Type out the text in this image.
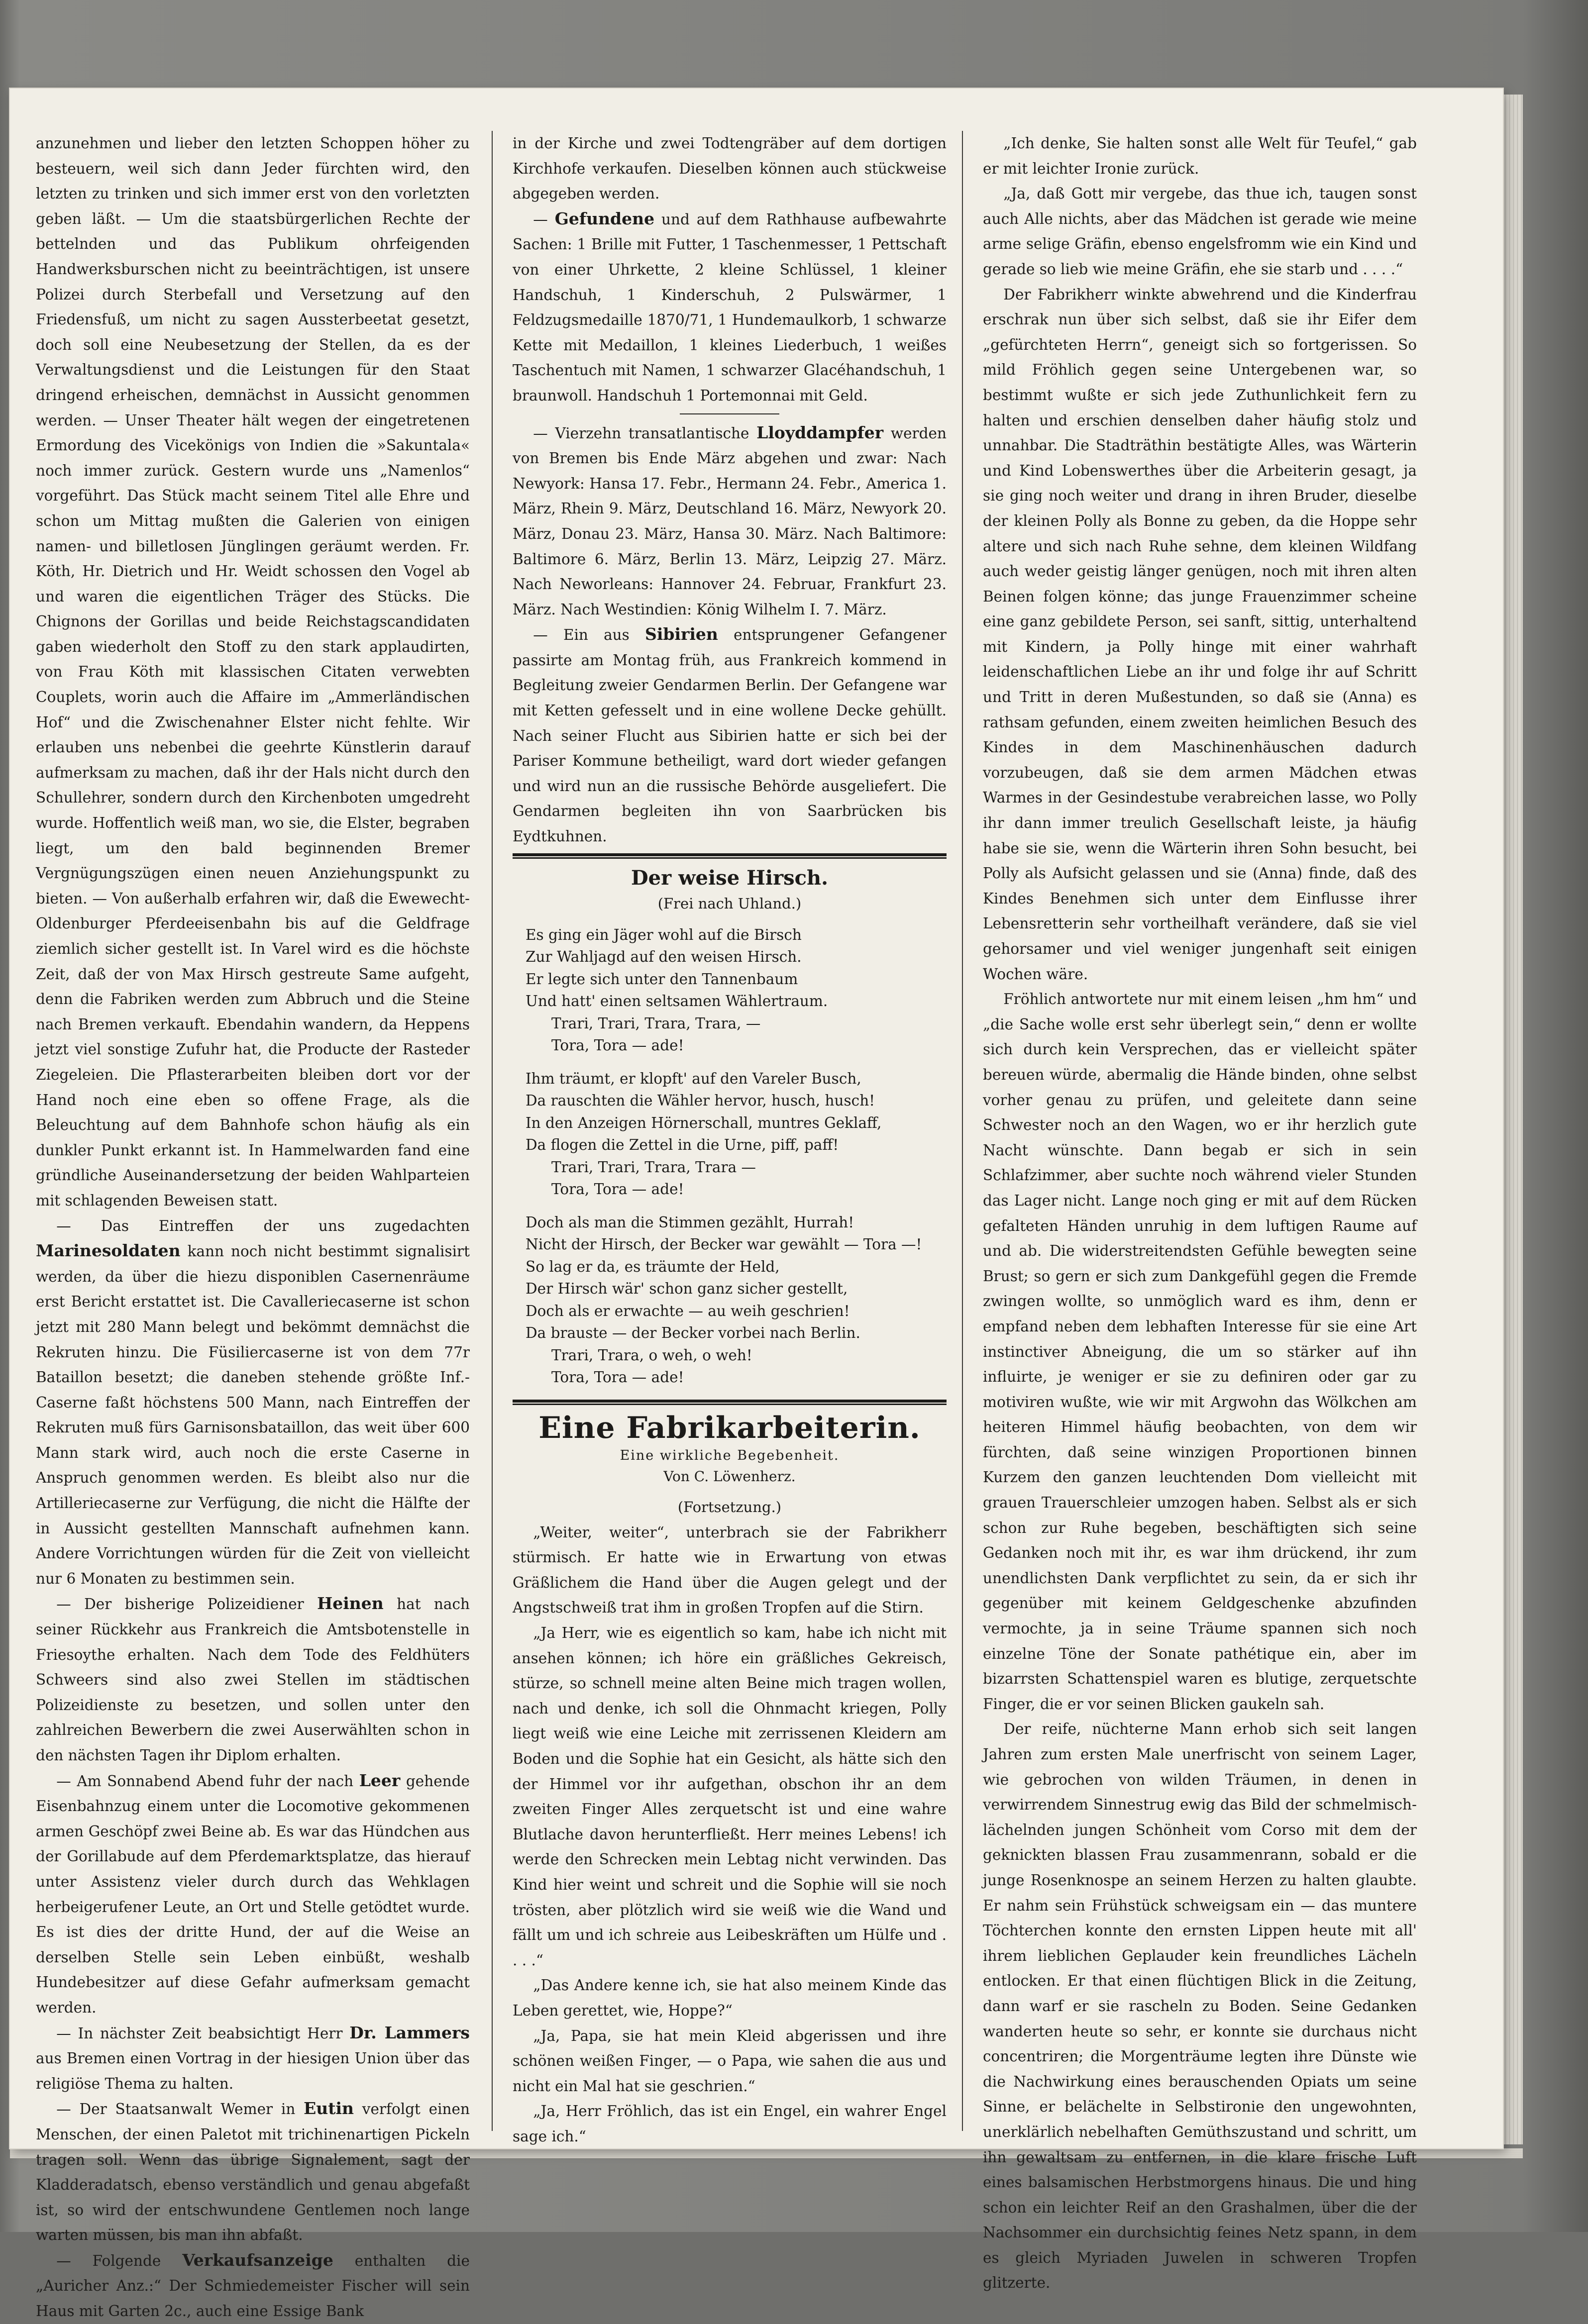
anzunehmen und lieber den letzten Schoppen höher zu besteuern, weil sich dann Jeder fürchten wird, den letzten zu trinken und sich immer erst von den vorletzten geben läßt. — Um die staatsbürgerlichen Rechte der bettelnden und das Publikum ohrfeigenden Handwerksburschen nicht zu beeinträchtigen, ist unsere Polizei durch Sterbefall und Versetzung auf den Friedensfuß, um nicht zu sagen Aussterbeetat gesetzt, doch soll eine Neubesetzung der Stellen, da es der Verwaltungsdienst und die Leistungen für den Staat dringend erheischen, demnächst in Aussicht genommen werden. — Unser Theater hält wegen der eingetretenen Ermordung des Vicekönigs von Indien die »Sakuntala« noch immer zurück. Gestern wurde uns „Namenlos“ vorgeführt. Das Stück macht seinem Titel alle Ehre und schon um Mittag mußten die Galerien von einigen namen- und billetlosen Jünglingen geräumt werden. Fr. Köth, Hr. Dietrich und Hr. Weidt schossen den Vogel ab und waren die eigentlichen Träger des Stücks. Die Chignons der Gorillas und beide Reichstagscandidaten gaben wiederholt den Stoff zu den stark applaudirten, von Frau Köth mit klassischen Citaten verwebten Couplets, worin auch die Affaire im „Ammerländischen Hof“ und die Zwischenahner Elster nicht fehlte. Wir erlauben uns nebenbei die geehrte Künstlerin darauf aufmerksam zu machen, daß ihr der Hals nicht durch den Schullehrer, sondern durch den Kirchenboten umgedreht wurde. Hoffentlich weiß man, wo sie, die Elster, begraben liegt, um den bald beginnenden Bremer Vergnügungszügen einen neuen Anziehungspunkt zu bieten. — Von außerhalb erfahren wir, daß die Ewewecht-Oldenburger Pferdeeisenbahn bis auf die Geldfrage ziemlich sicher gestellt ist. In Varel wird es die höchste Zeit, daß der von Max Hirsch gestreute Same aufgeht, denn die Fabriken werden zum Abbruch und die Steine nach Bremen verkauft. Ebendahin wandern, da Heppens jetzt viel sonstige Zufuhr hat, die Producte der Rasteder Ziegeleien. Die Pflasterarbeiten bleiben dort vor der Hand noch eine eben so offene Frage, als die Beleuchtung auf dem Bahnhofe schon häufig als ein dunkler Punkt erkannt ist. In Hammelwarden fand eine gründliche Auseinandersetzung der beiden Wahlparteien mit schlagenden Beweisen statt.

— Das Eintreffen der uns zugedachten Marinesoldaten kann noch nicht bestimmt signalisirt werden, da über die hiezu disponiblen Casernenräume erst Bericht erstattet ist. Die Cavalleriecaserne ist schon jetzt mit 280 Mann belegt und bekömmt demnächst die Rekruten hinzu. Die Füsiliercaserne ist von dem 77r Bataillon besetzt; die daneben stehende größte Inf.-Caserne faßt höchstens 500 Mann, nach Eintreffen der Rekruten muß fürs Garnisonsbataillon, das weit über 600 Mann stark wird, auch noch die erste Caserne in Anspruch genommen werden. Es bleibt also nur die Artilleriecaserne zur Verfügung, die nicht die Hälfte der in Aussicht gestellten Mannschaft aufnehmen kann. Andere Vorrichtungen würden für die Zeit von vielleicht nur 6 Monaten zu bestimmen sein.

— Der bisherige Polizeidiener Heinen hat nach seiner Rückkehr aus Frankreich die Amtsbotenstelle in Friesoythe erhalten. Nach dem Tode des Feldhüters Schweers sind also zwei Stellen im städtischen Polizeidienste zu besetzen, und sollen unter den zahlreichen Bewerbern die zwei Auserwählten schon in den nächsten Tagen ihr Diplom erhalten.

— Am Sonnabend Abend fuhr der nach Leer gehende Eisenbahnzug einem unter die Locomotive gekommenen armen Geschöpf zwei Beine ab. Es war das Hündchen aus der Gorillabude auf dem Pferdemarktsplatze, das hierauf unter Assistenz vieler durch durch das Wehklagen herbeigerufener Leute, an Ort und Stelle getödtet wurde. Es ist dies der dritte Hund, der auf die Weise an derselben Stelle sein Leben einbüßt, weshalb Hundebesitzer auf diese Gefahr aufmerksam gemacht werden.

— In nächster Zeit beabsichtigt Herr Dr. Lammers aus Bremen einen Vortrag in der hiesigen Union über das religiöse Thema zu halten.

— Der Staatsanwalt Wemer in Eutin verfolgt einen Menschen, der einen Paletot mit trichinenartigen Pickeln tragen soll. Wenn das übrige Signalement, sagt der Kladderadatsch, ebenso verständlich und genau abgefaßt ist, so wird der entschwundene Gentlemen noch lange warten müssen, bis man ihn abfaßt.

— Folgende Verkaufsanzeige enthalten die „Auricher Anz.:“ Der Schmiedemeister Fischer will sein Haus mit Garten 2c., auch eine Essige Bank

in der Kirche und zwei Todtengräber auf dem dortigen Kirchhofe verkaufen. Dieselben können auch stückweise abgegeben werden.

— Gefundene und auf dem Rathhause aufbewahrte Sachen: 1 Brille mit Futter, 1 Taschenmesser, 1 Pettschaft von einer Uhrkette, 2 kleine Schlüssel, 1 kleiner Handschuh, 1 Kinderschuh, 2 Pulswärmer, 1 Feldzugsmedaille 1870/71, 1 Hundemaulkorb, 1 schwarze Kette mit Medaillon, 1 kleines Liederbuch, 1 weißes Taschentuch mit Namen, 1 schwarzer Glacéhandschuh, 1 braunwoll. Handschuh 1 Portemonnai mit Geld.

— Vierzehn transatlantische Lloyddampfer werden von Bremen bis Ende März abgehen und zwar: Nach Newyork: Hansa 17. Febr., Hermann 24. Febr., America 1. März, Rhein 9. März, Deutschland 16. März, Newyork 20. März, Donau 23. März, Hansa 30. März. Nach Baltimore: Baltimore 6. März, Berlin 13. März, Leipzig 27. März. Nach Neworleans: Hannover 24. Februar, Frankfurt 23. März. Nach Westindien: König Wilhelm I. 7. März.

— Ein aus Sibirien entsprungener Gefangener passirte am Montag früh, aus Frankreich kommend in Begleitung zweier Gendarmen Berlin. Der Gefangene war mit Ketten gefesselt und in eine wollene Decke gehüllt. Nach seiner Flucht aus Sibirien hatte er sich bei der Pariser Kommune betheiligt, ward dort wieder gefangen und wird nun an die russische Behörde ausgeliefert. Die Gendarmen begleiten ihn von Saarbrücken bis Eydtkuhnen.

Der weise Hirsch.
(Frei nach Uhland.)
Es ging ein Jäger wohl auf die Birsch
Zur Wahljagd auf den weisen Hirsch.
Er legte sich unter den Tannenbaum
Und hatt' einen seltsamen Wählertraum.
Trari, Trari, Trara, Trara, —
Tora, Tora — ade!
Ihm träumt, er klopft' auf den Vareler Busch,
Da rauschten die Wähler hervor, husch, husch!
In den Anzeigen Hörnerschall, muntres Geklaff,
Da flogen die Zettel in die Urne, piff, paff!
Trari, Trari, Trara, Trara —
Tora, Tora — ade!
Doch als man die Stimmen gezählt, Hurrah!
Nicht der Hirsch, der Becker war gewählt — Tora —!
So lag er da, es träumte der Held,
Der Hirsch wär' schon ganz sicher gestellt,
Doch als er erwachte — au weih geschrien!
Da brauste — der Becker vorbei nach Berlin.
Trari, Trara, o weh, o weh!
Tora, Tora — ade!
Eine Fabrikarbeiterin.
Eine wirkliche Begebenheit.
Von C. Löwenherz.
(Fortsetzung.)

„Weiter, weiter“, unterbrach sie der Fabrikherr stürmisch. Er hatte wie in Erwartung von etwas Gräßlichem die Hand über die Augen gelegt und der Angstschweiß trat ihm in großen Tropfen auf die Stirn.

„Ja Herr, wie es eigentlich so kam, habe ich nicht mit ansehen können; ich höre ein gräßliches Gekreisch, stürze, so schnell meine alten Beine mich tragen wollen, nach und denke, ich soll die Ohnmacht kriegen, Polly liegt weiß wie eine Leiche mit zerrissenen Kleidern am Boden und die Sophie hat ein Gesicht, als hätte sich den der Himmel vor ihr aufgethan, obschon ihr an dem zweiten Finger Alles zerquetscht ist und eine wahre Blutlache davon herunterfließt. Herr meines Lebens! ich werde den Schrecken mein Lebtag nicht verwinden. Das Kind hier weint und schreit und die Sophie will sie noch trösten, aber plötzlich wird sie weiß wie die Wand und fällt um und ich schreie aus Leibeskräften um Hülfe und . . . .“

„Das Andere kenne ich, sie hat also meinem Kinde das Leben gerettet, wie, Hoppe?“

„Ja, Papa, sie hat mein Kleid abgerissen und ihre schönen weißen Finger, — o Papa, wie sahen die aus und nicht ein Mal hat sie geschrien.“

„Ja, Herr Fröhlich, das ist ein Engel, ein wahrer Engel sage ich.“

„Ich denke, Sie halten sonst alle Welt für Teufel,“ gab er mit leichter Ironie zurück.

„Ja, daß Gott mir vergebe, das thue ich, taugen sonst auch Alle nichts, aber das Mädchen ist gerade wie meine arme selige Gräfin, ebenso engelsfromm wie ein Kind und gerade so lieb wie meine Gräfin, ehe sie starb und . . . .“

Der Fabrikherr winkte abwehrend und die Kinderfrau erschrak nun über sich selbst, daß sie ihr Eifer dem „gefürchteten Herrn“, geneigt sich so fortgerissen. So mild Fröhlich gegen seine Untergebenen war, so bestimmt wußte er sich jede Zuthunlichkeit fern zu halten und erschien denselben daher häufig stolz und unnahbar. Die Stadträthin bestätigte Alles, was Wärterin und Kind Lobenswerthes über die Arbeiterin gesagt, ja sie ging noch weiter und drang in ihren Bruder, dieselbe der kleinen Polly als Bonne zu geben, da die Hoppe sehr altere und sich nach Ruhe sehne, dem kleinen Wildfang auch weder geistig länger genügen, noch mit ihren alten Beinen folgen könne; das junge Frauenzimmer scheine eine ganz gebildete Person, sei sanft, sittig, unterhaltend mit Kindern, ja Polly hinge mit einer wahrhaft leidenschaftlichen Liebe an ihr und folge ihr auf Schritt und Tritt in deren Mußestunden, so daß sie (Anna) es rathsam gefunden, einem zweiten heimlichen Besuch des Kindes in dem Maschinenhäuschen dadurch vorzubeugen, daß sie dem armen Mädchen etwas Warmes in der Gesindestube verabreichen lasse, wo Polly ihr dann immer treulich Gesellschaft leiste, ja häufig habe sie sie, wenn die Wärterin ihren Sohn besucht, bei Polly als Aufsicht gelassen und sie (Anna) finde, daß des Kindes Benehmen sich unter dem Einflusse ihrer Lebensretterin sehr vortheilhaft verändere, daß sie viel gehorsamer und viel weniger jungenhaft seit einigen Wochen wäre.

Fröhlich antwortete nur mit einem leisen „hm hm“ und „die Sache wolle erst sehr überlegt sein,“ denn er wollte sich durch kein Versprechen, das er vielleicht später bereuen würde, abermalig die Hände binden, ohne selbst vorher genau zu prüfen, und geleitete dann seine Schwester noch an den Wagen, wo er ihr herzlich gute Nacht wünschte. Dann begab er sich in sein Schlafzimmer, aber suchte noch während vieler Stunden das Lager nicht. Lange noch ging er mit auf dem Rücken gefalteten Händen unruhig in dem luftigen Raume auf und ab. Die widerstreitendsten Gefühle bewegten seine Brust; so gern er sich zum Dankgefühl gegen die Fremde zwingen wollte, so unmöglich ward es ihm, denn er empfand neben dem lebhaften Interesse für sie eine Art instinctiver Abneigung, die um so stärker auf ihn influirte, je weniger er sie zu definiren oder gar zu motiviren wußte, wie wir mit Argwohn das Wölkchen am heiteren Himmel häufig beobachten, von dem wir fürchten, daß seine winzigen Proportionen binnen Kurzem den ganzen leuchtenden Dom vielleicht mit grauen Trauerschleier umzogen haben. Selbst als er sich schon zur Ruhe begeben, beschäftigten sich seine Gedanken noch mit ihr, es war ihm drückend, ihr zum unendlichsten Dank verpflichtet zu sein, da er sich ihr gegenüber mit keinem Geldgeschenke abzufinden vermochte, ja in seine Träume spannen sich noch einzelne Töne der Sonate pathétique ein, aber im bizarrsten Schattenspiel waren es blutige, zerquetschte Finger, die er vor seinen Blicken gaukeln sah.

Der reife, nüchterne Mann erhob sich seit langen Jahren zum ersten Male unerfrischt von seinem Lager, wie gebrochen von wilden Träumen, in denen in verwirrendem Sinnestrug ewig das Bild der schmelmisch-lächelnden jungen Schönheit vom Corso mit dem der geknickten blassen Frau zusammenrann, sobald er die junge Rosenknospe an seinem Herzen zu halten glaubte. Er nahm sein Frühstück schweigsam ein — das muntere Töchterchen konnte den ernsten Lippen heute mit all' ihrem lieblichen Geplauder kein freundliches Lächeln entlocken. Er that einen flüchtigen Blick in die Zeitung, dann warf er sie rascheln zu Boden. Seine Gedanken wanderten heute so sehr, er konnte sie durchaus nicht concentriren; die Morgenträume legten ihre Dünste wie die Nachwirkung eines berauschenden Opiats um seine Sinne, er belächelte in Selbstironie den ungewohnten, unerklärlich nebelhaften Gemüthszustand und schritt, um ihn gewaltsam zu entfernen, in die klare frische Luft eines balsamischen Herbstmorgens hinaus. Die und hing schon ein leichter Reif an den Grashalmen, über die der Nachsommer ein durchsichtig feines Netz spann, in dem es gleich Myriaden Juwelen in schweren Tropfen glitzerte.
